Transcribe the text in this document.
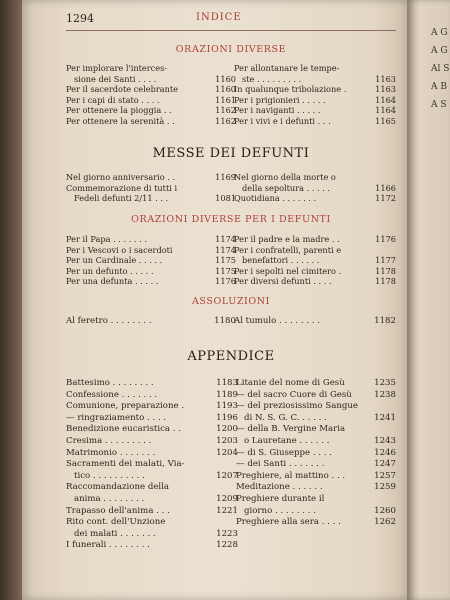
1294	INDICE
ORAZIONI DIVERSE
Per implorare l'interces-
sione dei Santi . . . .	1160
Per il sacerdote celebrante	1160
Per i capi di stato . . . .	1161
Per ottenere la pioggia . .	1162
Per ottenere la serenità . .	1162
Per allontanare le tempe-
ste . . . . . . . . .	1163
In qualunque tribolazione .	1163
Per i prigionieri . . . . .	1164
Per i naviganti . . . . .	1164
Per i vivi e i defunti . . .	1165
MESSE DEI DEFUNTI
Nel giorno anniversario . .	1169
Commemorazione di tutti i
Fedeli defunti 2/11 . . .	1081
Nel giorno della morte o
della sepoltura . . . . .	1166
Quotidiana . . . . . . .	1172
ORAZIONI DIVERSE PER I DEFUNTI
Per il Papa . . . . . . .	1174
Per i Vescovi o i sacerdoti	1174
Per un Cardinale . . . . .	1175
Per un defunto . . . . .	1175
Per una defunta . . . . .	1176
Per il padre e la madre . .	1176
Per i confratelli, parenti e
benefattori . . . . . .	1177
Per i sepolti nel cimitero .	1178
Per diversi defunti . . . .	1178
ASSOLUZIONI
Al feretro . . . . . . . .	1180
Al tumulo . . . . . . . .	1182
APPENDICE
Battesimo . . . . . . . .	1183
Confessione . . . . . . .	1189
Comunione, preparazione .	1193
— ringraziamento . . . .	1196
Benedizione eucaristica . .	1200
Cresima . . . . . . . . .	1203
Matrimonio . . . . . . .	1204
Sacramenti dei malati, Via-
tico . . . . . . . . . .	1207
Raccomandazione della
anima . . . . . . . .	1209
Trapasso dell'anima . . .	1221
Rito cont. dell'Unzione
dei malati . . . . . . .	1223
I funerali . . . . . . . .	1228
Litanie del nome di Gesù	1235
— del sacro Cuore di Gesù	1238
— del preziosissimo Sangue
di N. S. G. C. . . . . .	1241
— della B. Vergine Maria
o Lauretane . . . . . .	1243
— di S. Giuseppe . . . .	1246
— dei Santi . . . . . . .	1247
Preghiere, al mattino . . .	1257
Meditazione . . . . . .	1259
Preghiere durante il
giorno . . . . . . . .	1260
Preghiere alla sera . . . .	1262
A G
A G
Al S
A B
A S
